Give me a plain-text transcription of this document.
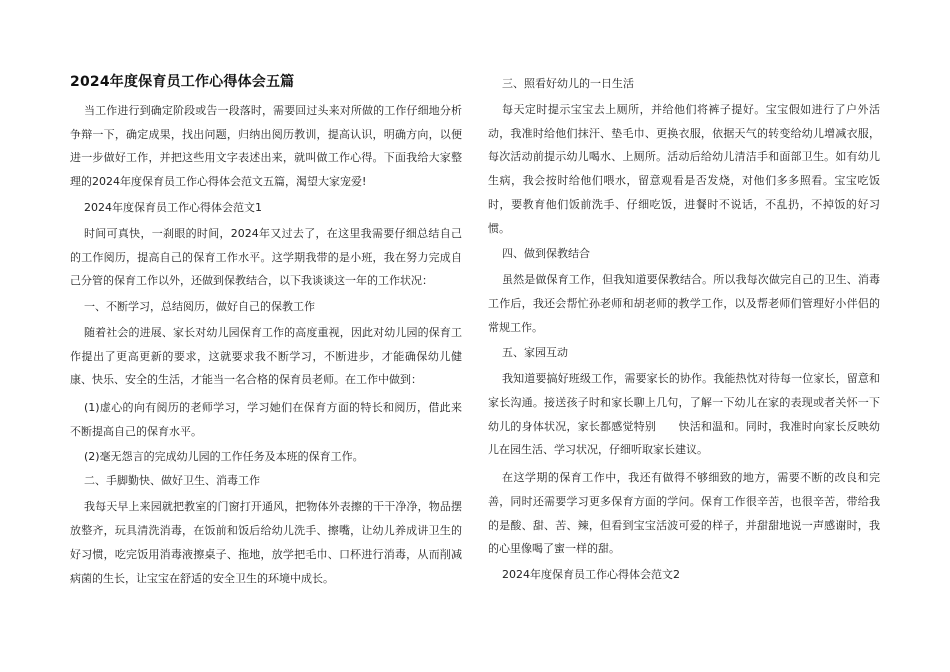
2024年度保育员工作心得体会五篇

当工作进行到确定阶段或告一段落时，需要回过头来对所做的工作仔细地分析争辩一下，确定成果，找出问题，归纳出阅历教训，提高认识，明确方向，以便进一步做好工作，并把这些用文字表述出来，就叫做工作心得。下面我给大家整理的2024年度保育员工作心得体会范文五篇，渴望大家宠爱!

2024年度保育员工作心得体会范文1

时间可真快，一刹眼的时间，2024年又过去了，在这里我需要仔细总结自己的工作阅历，提高自己的保育工作水平。这学期我带的是小班，我在努力完成自己分管的保育工作以外，还做到保教结合，以下我谈谈这一年的工作状况：

一、不断学习，总结阅历，做好自己的保教工作

随着社会的进展、家长对幼儿园保育工作的高度重视，因此对幼儿园的保育工作提出了更高更新的要求，这就要求我不断学习，不断进步，才能确保幼儿健康、快乐、安全的生活，才能当一名合格的保育员老师。在工作中做到：

(1)虚心的向有阅历的老师学习，学习她们在保育方面的特长和阅历，借此来不断提高自己的保育水平。

(2)毫无怨言的完成幼儿园的工作任务及本班的保育工作。

二、手脚勤快、做好卫生、消毒工作

我每天早上来园就把教室的门窗打开通风，把物体外表擦的干干净净，物品摆放整齐，玩具清洗消毒，在饭前和饭后给幼儿洗手、擦嘴，让幼儿养成讲卫生的好习惯，吃完饭用消毒液擦桌子、拖地，放学把毛巾、口杯进行消毒，从而削减病菌的生长，让宝宝在舒适的安全卫生的环境中成长。

三、照看好幼儿的一日生活

每天定时提示宝宝去上厕所，并给他们将裤子提好。宝宝假如进行了户外活动，我准时给他们抹汗、垫毛巾、更换衣服，依据天气的转变给幼儿增减衣服，每次活动前提示幼儿喝水、上厕所。活动后给幼儿清洁手和面部卫生。如有幼儿生病，我会按时给他们喂水，留意观看是否发烧，对他们多多照看。宝宝吃饭时，要教育他们饭前洗手、仔细吃饭，进餐时不说话，不乱扔，不掉饭的好习惯。

四、做到保教结合

虽然是做保育工作，但我知道要保教结合。所以我每次做完自己的卫生、消毒工作后，我还会帮忙孙老师和胡老师的教学工作，以及帮老师们管理好小伴侣的常规工作。

五、家园互动

我知道要搞好班级工作，需要家长的协作。我能热忱对待每一位家长，留意和家长沟通。接送孩子时和家长聊上几句，了解一下幼儿在家的表现或者关怀一下幼儿的身体状况，家长都感觉特别　　快活和温和。同时，我准时向家长反映幼儿在园生活、学习状况，仔细听取家长建议。

在这学期的保育工作中，我还有做得不够细致的地方，需要不断的改良和完善，同时还需要学习更多保育方面的学问。保育工作很辛苦，也很辛苦，带给我的是酸、甜、苦、辣，但看到宝宝活波可爱的样子，并甜甜地说一声感谢时，我的心里像喝了蜜一样的甜。

2024年度保育员工作心得体会范文2
